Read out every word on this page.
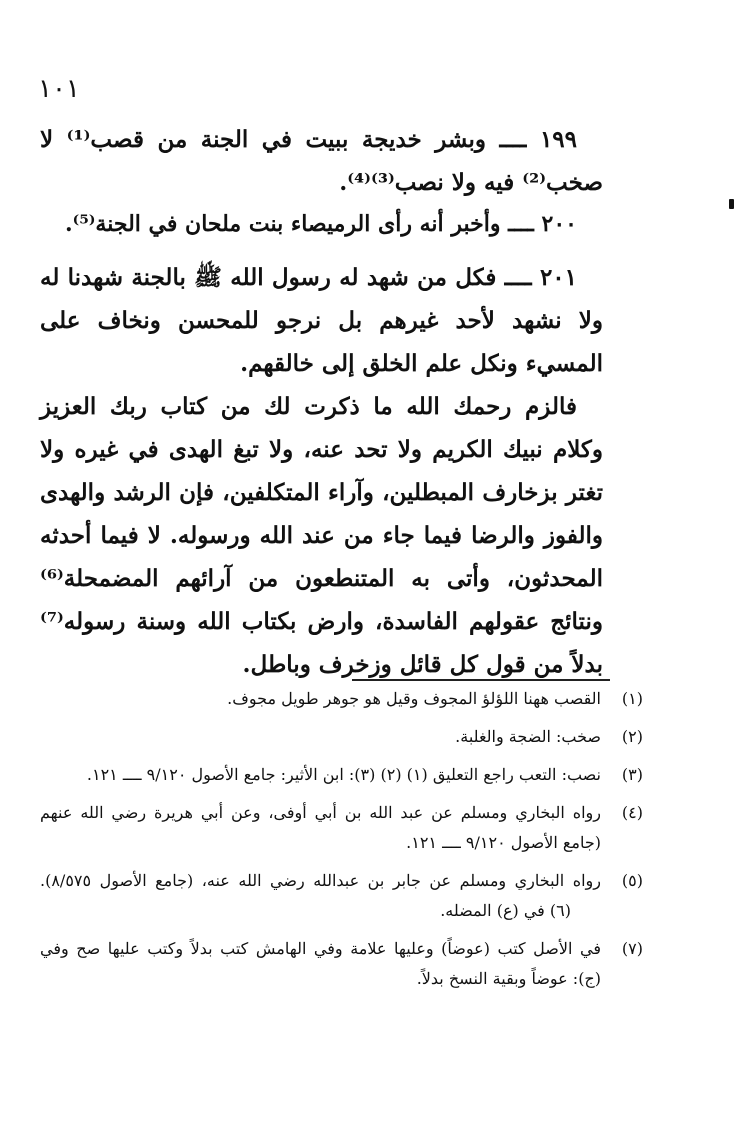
١٠١

١٩٩ ــــ وبشر خديجة ببيت في الجنة من قصب⁽¹⁾ لا صخب⁽²⁾ فيه ولا نصب⁽³⁾⁽⁴⁾.

٢٠٠ ــــ وأخبر أنه رأى الرميصاء بنت ملحان في الجنة⁽⁵⁾.

٢٠١ ــــ فكل من شهد له رسول الله ﷺ بالجنة شهدنا له ولا نشهد لأحد غيرهم بل نرجو للمحسن ونخاف على المسيء ونكل علم الخلق إلى خالقهم.

فالزم رحمك الله ما ذكرت لك من كتاب ربك العزيز وكلام نبيك الكريم ولا تحد عنه، ولا تبغ الهدى في غيره ولا تغتر بزخارف المبطلين، وآراء المتكلفين، فإن الرشد والهدى والفوز والرضا فيما جاء من عند الله ورسوله. لا فيما أحدثه المحدثون، وأتى به المتنطعون من آرائهم المضمحلة⁽⁶⁾ ونتائج عقولهم الفاسدة، وارض بكتاب الله وسنة رسوله⁽⁷⁾ بدلاً من قول كل قائل وزخرف وباطل.

(١)
القصب ههنا اللؤلؤ المجوف وقيل هو جوهر طويل مجوف.
(٢)
صخب: الضجة والغلبة.
(٣)
نصب: التعب راجع التعليق (١) (٢) (٣): ابن الأثير: جامع الأصول ٩/١٢٠ ــــ ١٢١.
(٤)
رواه البخاري ومسلم عن عبد الله بن أبي أوفى، وعن أبي هريرة رضي الله عنهم (جامع الأصول ٩/١٢٠ ــــ ١٢١.
(٥)
رواه البخاري ومسلم عن جابر بن عبدالله رضي الله عنه، (جامع الأصول ٨/٥٧٥). (٦) في (ع) المضله.
(٧)
في الأصل كتب (عوضاً) وعليها علامة وفي الهامش كتب بدلاً وكتب عليها صح وفي (ج): عوضاً وبقية النسخ بدلاً.
